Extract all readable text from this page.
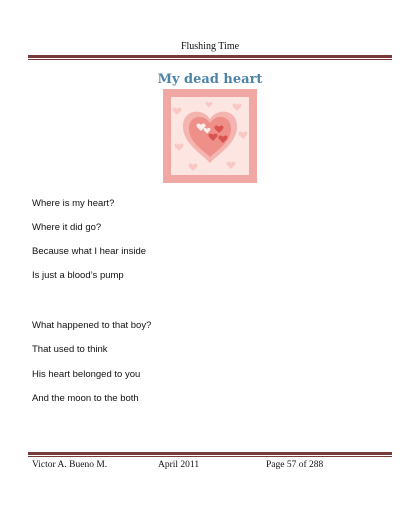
Flushing Time
My dead heart
Where is my heart?
Where it did go?
Because what I hear inside
Is just a blood’s pump
What happened to that boy?
That used to think
His heart belonged to you
And the moon to the both
Victor A. Bueno M.	April 2011	Page 57 of 288
